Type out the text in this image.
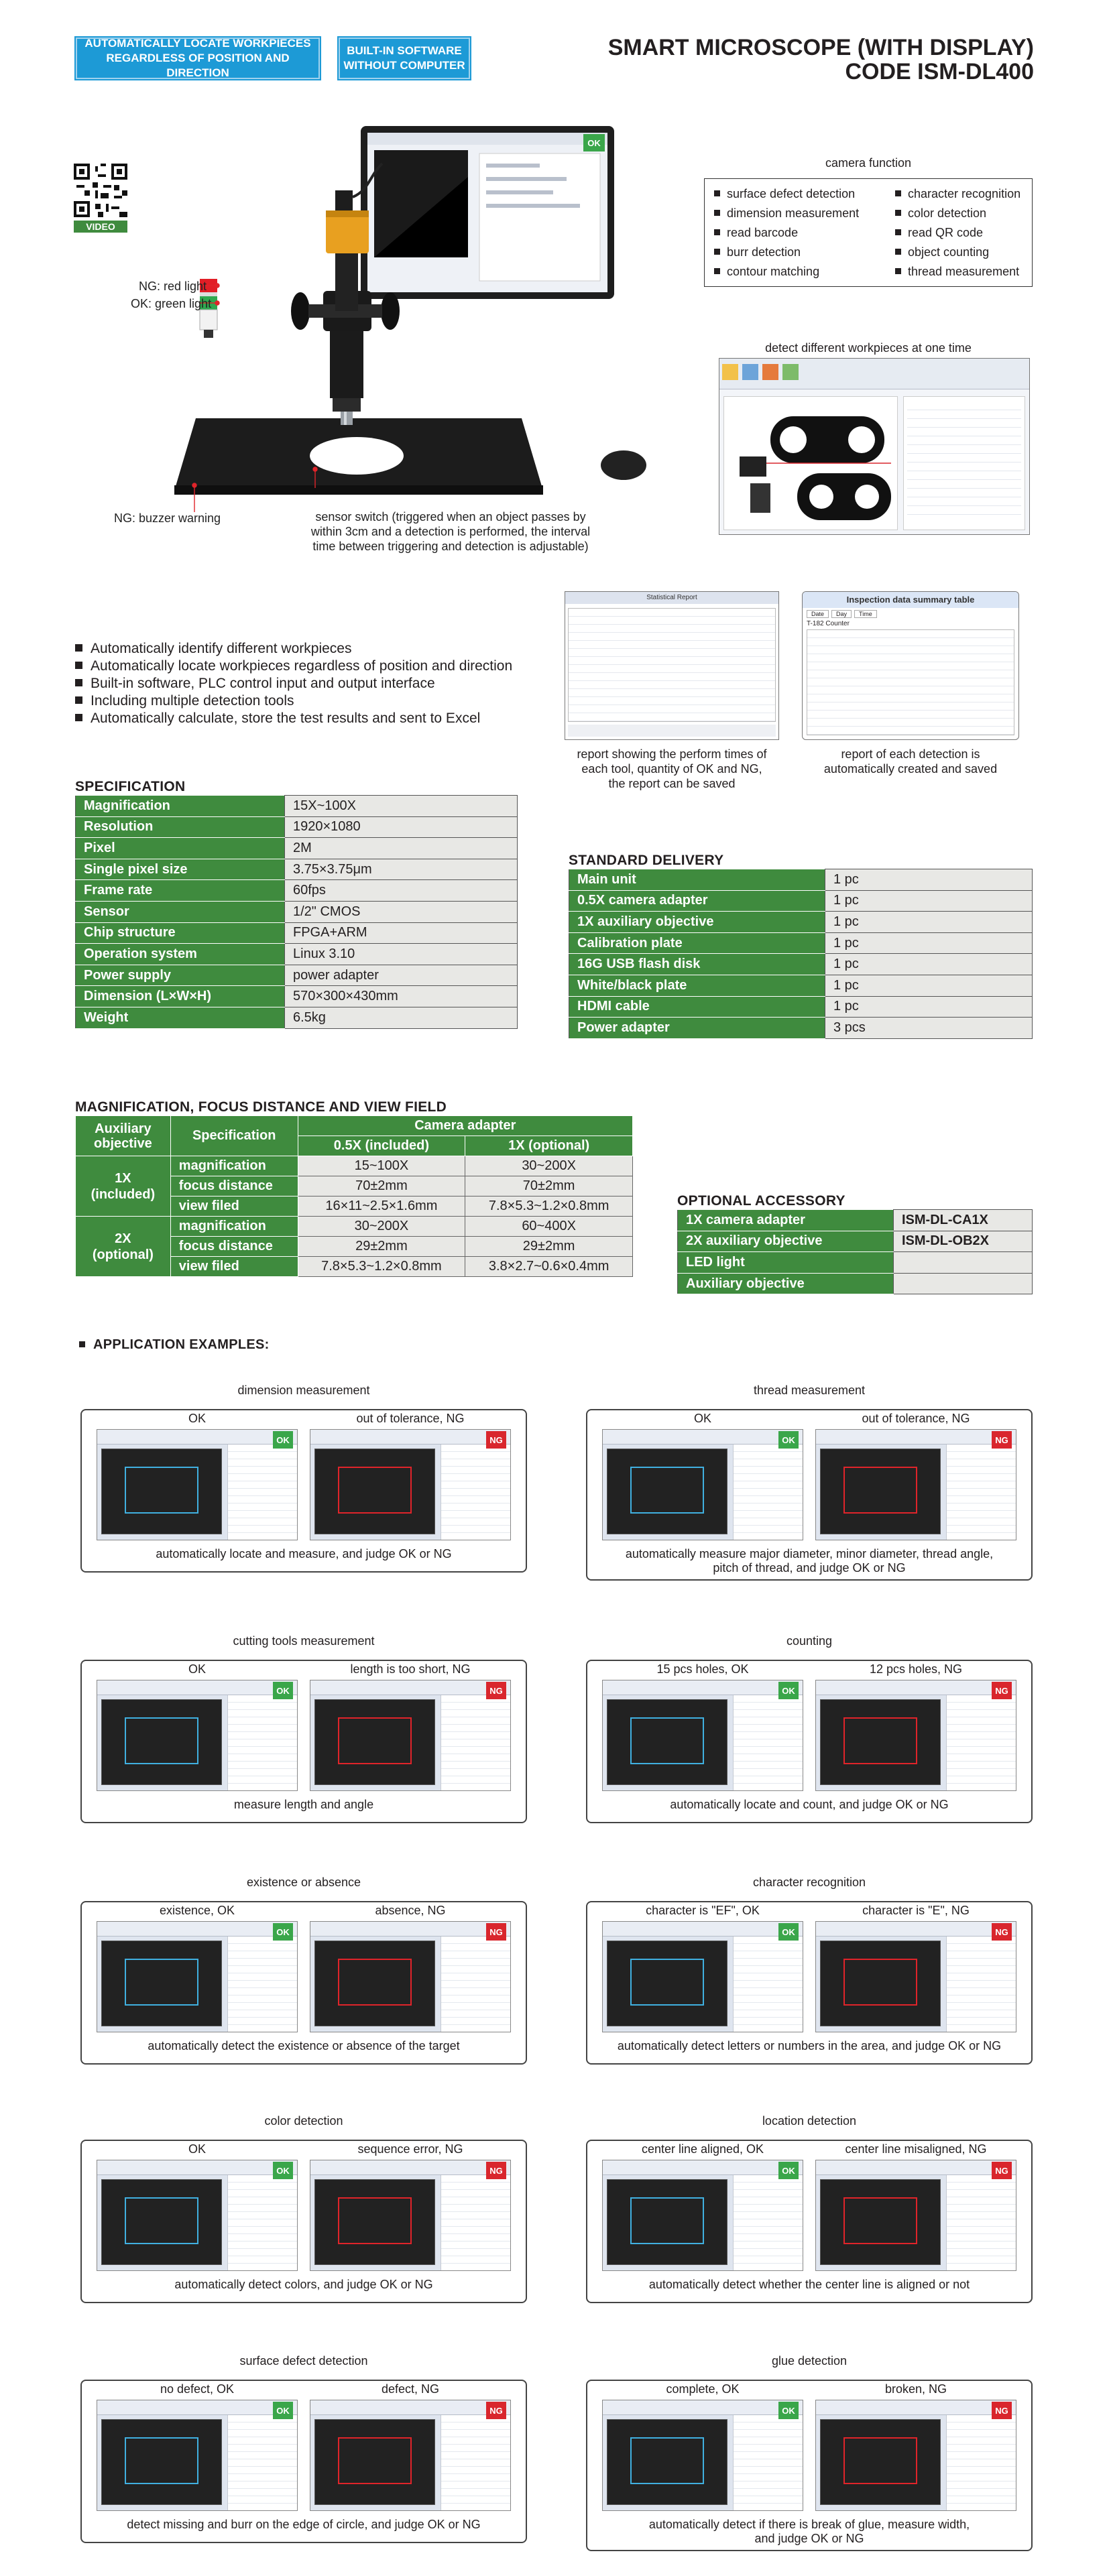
AUTOMATICALLY LOCATE WORKPIECES
REGARDLESS OF POSITION AND DIRECTION
BUILT-IN SOFTWARE
WITHOUT COMPUTER
SMART MICROSCOPE (WITH DISPLAY)
CODE ISM-DL400
VIDEO
OK
NG: red light
OK: green light
NG: buzzer warning	sensor switch (triggered when an object passes by
within 3cm and a detection is performed, the interval
time between triggering and detection is adjustable)
camera function
surface defect detection	character recognition
dimension measurement	color detection
read barcode	read QR code
burr detection	object counting
contour matching	thread measurement
detect different workpieces at one time
Statistical Report	Inspection data summary table
Date	Day	Time
T-182 Counter
report showing the perform times of
each tool, quantity of OK and NG,
the report can be saved
report of each detection is
automatically created and saved
Automatically identify different workpieces
Automatically locate workpieces regardless of position and direction
Built-in software, PLC control input and output interface
Including multiple detection tools
Automatically calculate, store the test results and sent to Excel
SPECIFICATION
Magnification	15X~100X
Resolution	1920×1080
Pixel	2M
Single pixel size	3.75×3.75μm
Frame rate	60fps
Sensor	1/2" CMOS
Chip structure	FPGA+ARM
Operation system	Linux 3.10
Power supply	power adapter
Dimension (L×W×H)	570×300×430mm
Weight	6.5kg
STANDARD DELIVERY
Main unit	1 pc
0.5X camera adapter	1 pc
1X auxiliary objective	1 pc
Calibration plate	1 pc
16G USB flash disk	1 pc
White/black plate	1 pc
HDMI cable	1 pc
Power adapter	3 pcs
MAGNIFICATION, FOCUS DISTANCE AND VIEW FIELD
Auxiliary objective	Specification	Camera adapter	
		0.5X (included)	1X (optional)
1X
(included)	magnification	15~100X	30~200X
	focus distance	70±2mm	70±2mm
	view filed	16×11~2.5×1.6mm	7.8×5.3~1.2×0.8mm
2X
(optional)	magnification	30~200X	60~400X
	focus distance	29±2mm	29±2mm
	view filed	7.8×5.3~1.2×0.8mm	3.8×2.7~0.6×0.4mm
OPTIONAL ACCESSORY
1X camera adapter	ISM-DL-CA1X
2X auxiliary objective	ISM-DL-OB2X
LED light	
Auxiliary objective	
APPLICATION EXAMPLES:
dimension measurement
OK
OK
out of tolerance, NG
NG
automatically locate and measure, and judge OK or NG
thread measurement
OK
OK
out of tolerance, NG
NG
automatically measure major diameter, minor diameter, thread angle,
pitch of thread, and judge OK or NG
cutting tools measurement
OK
OK
length is too short, NG
NG
measure length and angle
counting
15 pcs holes, OK
OK
12 pcs holes, NG
NG
automatically locate and count, and judge OK or NG
existence or absence
existence, OK
OK
absence, NG
NG
automatically detect the existence or absence of the target
character recognition
character is "EF", OK
OK
character is "E", NG
NG
automatically detect letters or numbers in the area, and judge OK or NG
color detection
OK
OK
sequence error, NG
NG
automatically detect colors, and judge OK or NG
location detection
center line aligned, OK
OK
center line misaligned, NG
NG
automatically detect whether the center line is aligned or not
surface defect detection
no defect, OK
OK
defect, NG
NG
detect missing and burr on the edge of circle, and judge OK or NG
glue detection
complete, OK
OK
broken, NG
NG
automatically detect if there is break of glue, measure width,
and judge OK or NG
